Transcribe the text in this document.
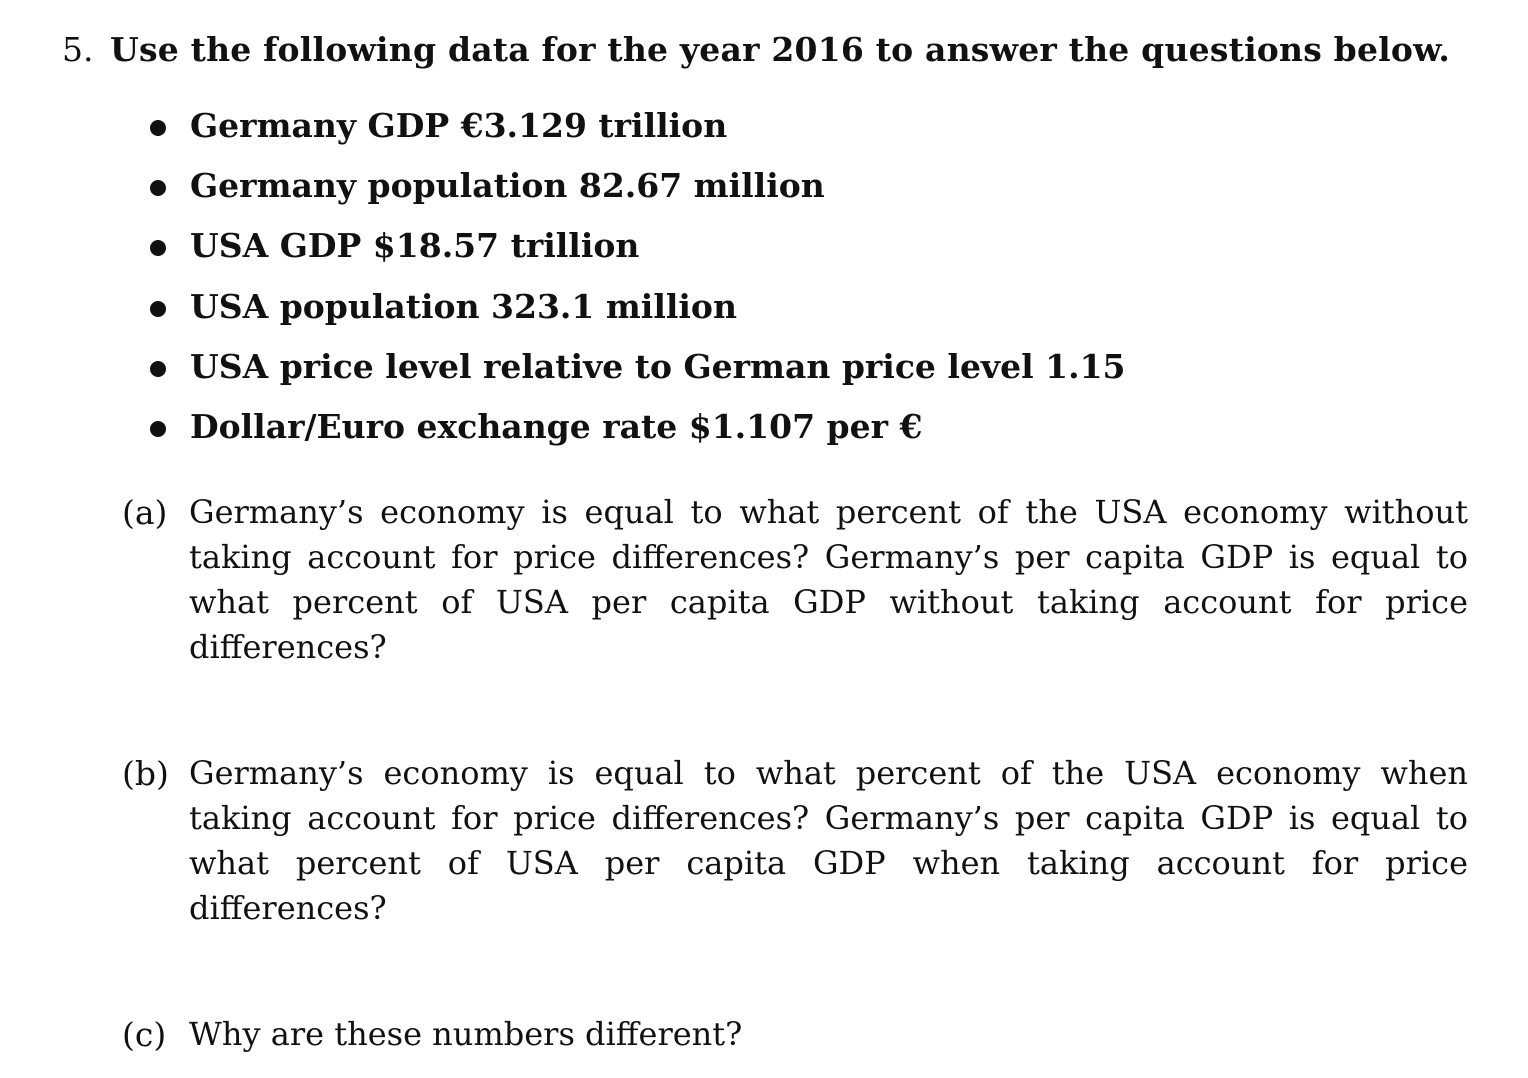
5. Use the following data for the year 2016 to answer the questions below.
Germany GDP €3.129 trillion
Germany population 82.67 million
USA GDP $18.57 trillion
USA population 323.1 million
USA price level relative to German price level 1.15
Dollar/Euro exchange rate $1.107 per €
(a) Germany’s economy is equal to what percent of the USA economy without taking account for price differences? Germany’s per capita GDP is equal to what percent of USA per capita GDP without taking account for price differences?
(b) Germany’s economy is equal to what percent of the USA economy when taking account for price differences? Germany’s per capita GDP is equal to what percent of USA per capita GDP when taking account for price differences?
(c) Why are these numbers different?
